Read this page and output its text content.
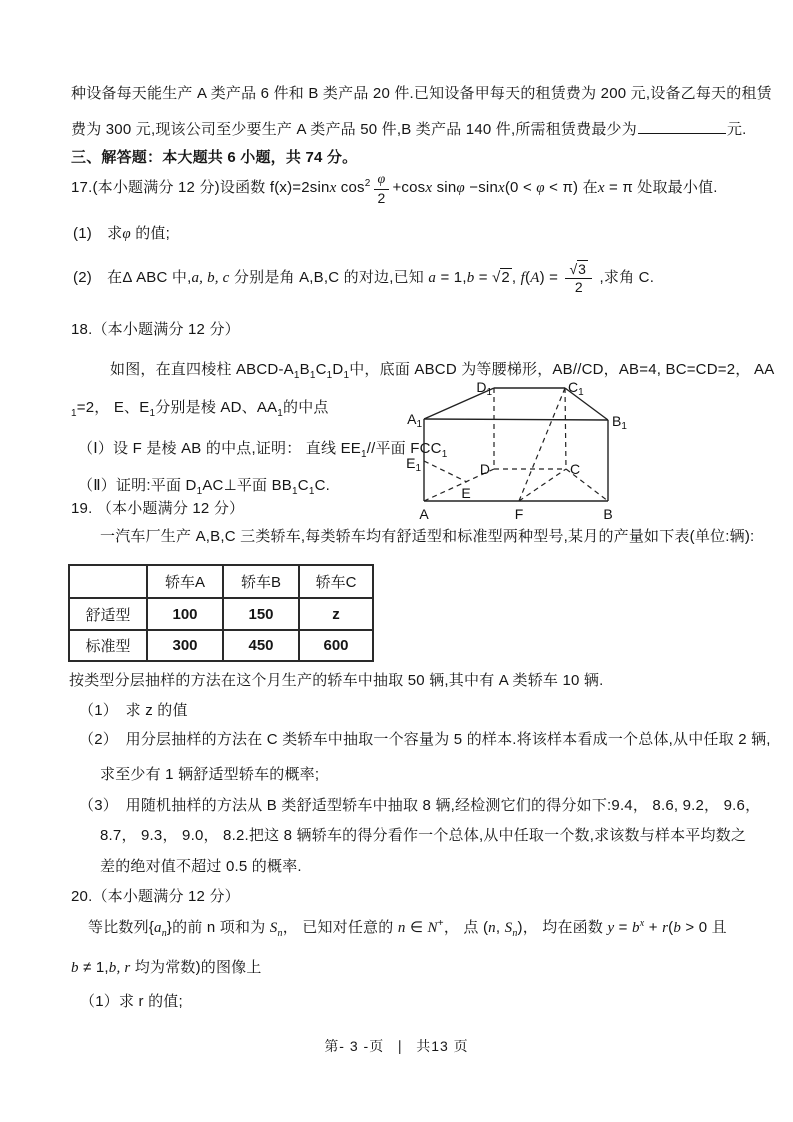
种设备每天能生产 A 类产品 6 件和 B 类产品 20 件.已知设备甲每天的租赁费为 200 元,设备乙每天的租赁
费为 300 元,现该公司至少要生产 A 类产品 50 件,B 类产品 140 件,所需租赁费最少为	元.
三、解答题：本大题共 6 小题，共 74 分。
17.(本小题满分 12 分)设函数 f(x)=2sinx $\cos^2 \frac{\varphi}{2} +\cos x$ sinφ −sinx(0 < φ < π) 在x = π 处取最小值.
(1)　求φ 的值;
(2)　在Δ ABC 中,a, b, c 分别是角 A,B,C 的对边,已知 a = 1,b = √2 , $f(A) = \frac{√3}{2}$ ,求角 C.
18.（本小题满分 12 分）
如图，在直四棱柱 ABCD-$A_1B_1C_1D_1$中，底面 ABCD 为等腰梯形，AB//CD，AB=4, BC=CD=2， AA
$_1$=2， E、$E_1$分别是棱 AD、$AA_1$的中点
（Ⅰ）设 F 是棱 AB 的中点,证明： 直线 $EE_1//$平面 $FCC_1$
（Ⅱ）证明:平面 $D_1AC\perp$平面 $BB_1C_1C$.
$D_1$	$C_1$
$A_1$	$B_1$
$E_1$	D	C
E
A	F	B
19. （本小题满分 12 分）
一汽车厂生产 A,B,C 三类轿车,每类轿车均有舒适型和标准型两种型号,某月的产量如下表(单位:辆):
	轿车A	轿车B	轿车C
舒适型	100	150	z
标准型	300	450	600
按类型分层抽样的方法在这个月生产的轿车中抽取 50 辆,其中有 A 类轿车 10 辆.
（1）　求 z 的值
（2）　用分层抽样的方法在 C 类轿车中抽取一个容量为 5 的样本.将该样本看成一个总体,从中任取 2 辆,
求至少有 1 辆舒适型轿车的概率;
（3）　用随机抽样的方法从 B 类舒适型轿车中抽取 8 辆,经检测它们的得分如下:9.4， 8.6, 9.2， 9.6，
8.7， 9.3， 9.0， 8.2.把这 8 辆轿车的得分看作一个总体,从中任取一个数,求该数与样本平均数之
差的绝对值不超过 0.5 的概率.
20.（本小题满分 12 分）
等比数列$\{a_n\}$的前 n 项和为 $S_n$， 已知对任意的 n ∈ N+， 点 (n, $S_n$)， 均在函数 $y = b^x + r(b > 0$ 且
b ≠ 1,b, r 均为常数)的图像上
（1）求 r 的值;
第- 3 -页 ∣ 共13 页
